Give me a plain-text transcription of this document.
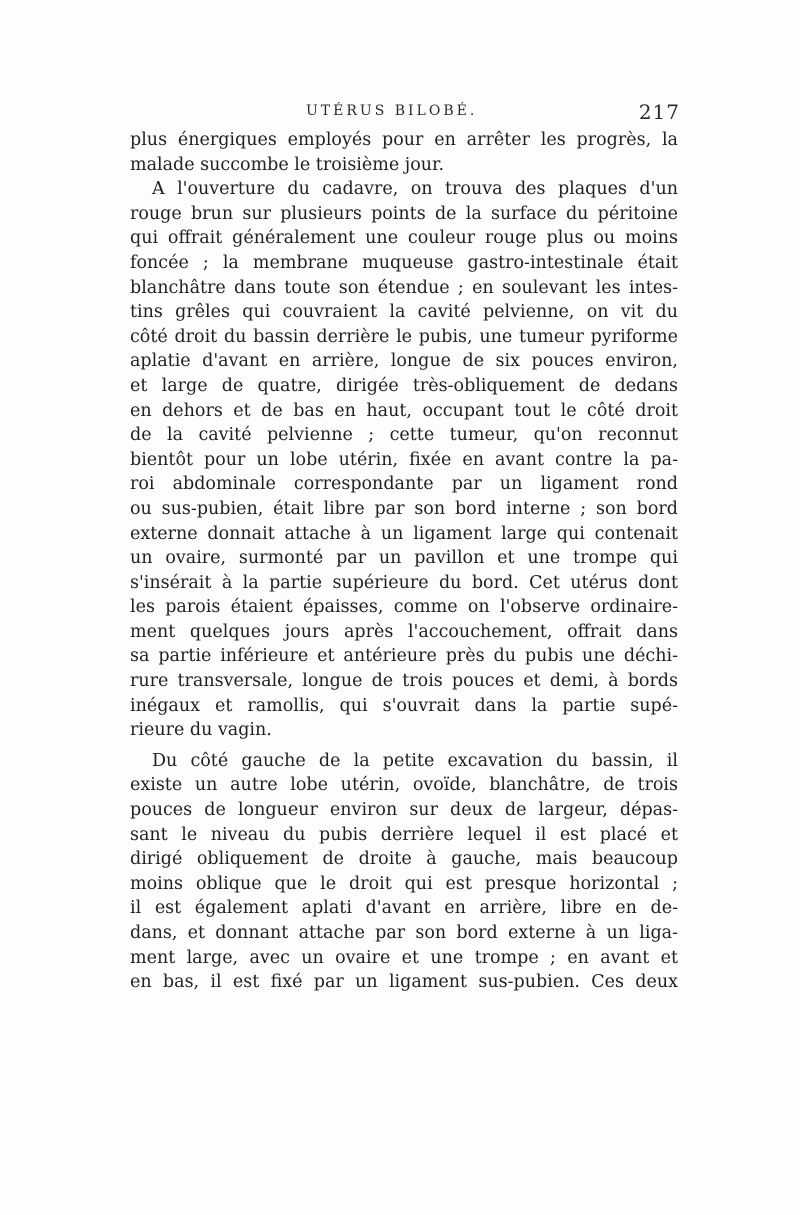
UTÉRUS BILOBÉ.	217

plus énergiques employés pour en arrêter les progrès, la
malade succombe le troisième jour.

A l'ouverture du cadavre, on trouva des plaques d'un
rouge brun sur plusieurs points de la surface du péritoine
qui offrait généralement une couleur rouge plus ou moins
foncée ; la membrane muqueuse gastro-intestinale était
blanchâtre dans toute son étendue ; en soulevant les intes-
tins grêles qui couvraient la cavité pelvienne, on vit du
côté droit du bassin derrière le pubis, une tumeur pyriforme
aplatie d'avant en arrière, longue de six pouces environ,
et large de quatre, dirigée très-obliquement de dedans
en dehors et de bas en haut, occupant tout le côté droit
de la cavité pelvienne ; cette tumeur, qu'on reconnut
bientôt pour un lobe utérin, fixée en avant contre la pa-
roi abdominale correspondante par un ligament rond
ou sus-pubien, était libre par son bord interne ; son bord
externe donnait attache à un ligament large qui contenait
un ovaire, surmonté par un pavillon et une trompe qui
s'insérait à la partie supérieure du bord. Cet utérus dont
les parois étaient épaisses, comme on l'observe ordinaire-
ment quelques jours après l'accouchement, offrait dans
sa partie inférieure et antérieure près du pubis une déchi-
rure transversale, longue de trois pouces et demi, à bords
inégaux et ramollis, qui s'ouvrait dans la partie supé-
rieure du vagin.

Du côté gauche de la petite excavation du bassin, il
existe un autre lobe utérin, ovoïde, blanchâtre, de trois
pouces de longueur environ sur deux de largeur, dépas-
sant le niveau du pubis derrière lequel il est placé et
dirigé obliquement de droite à gauche, mais beaucoup
moins oblique que le droit qui est presque horizontal ;
il est également aplati d'avant en arrière, libre en de-
dans, et donnant attache par son bord externe à un liga-
ment large, avec un ovaire et une trompe ; en avant et
en bas, il est fixé par un ligament sus-pubien. Ces deux
